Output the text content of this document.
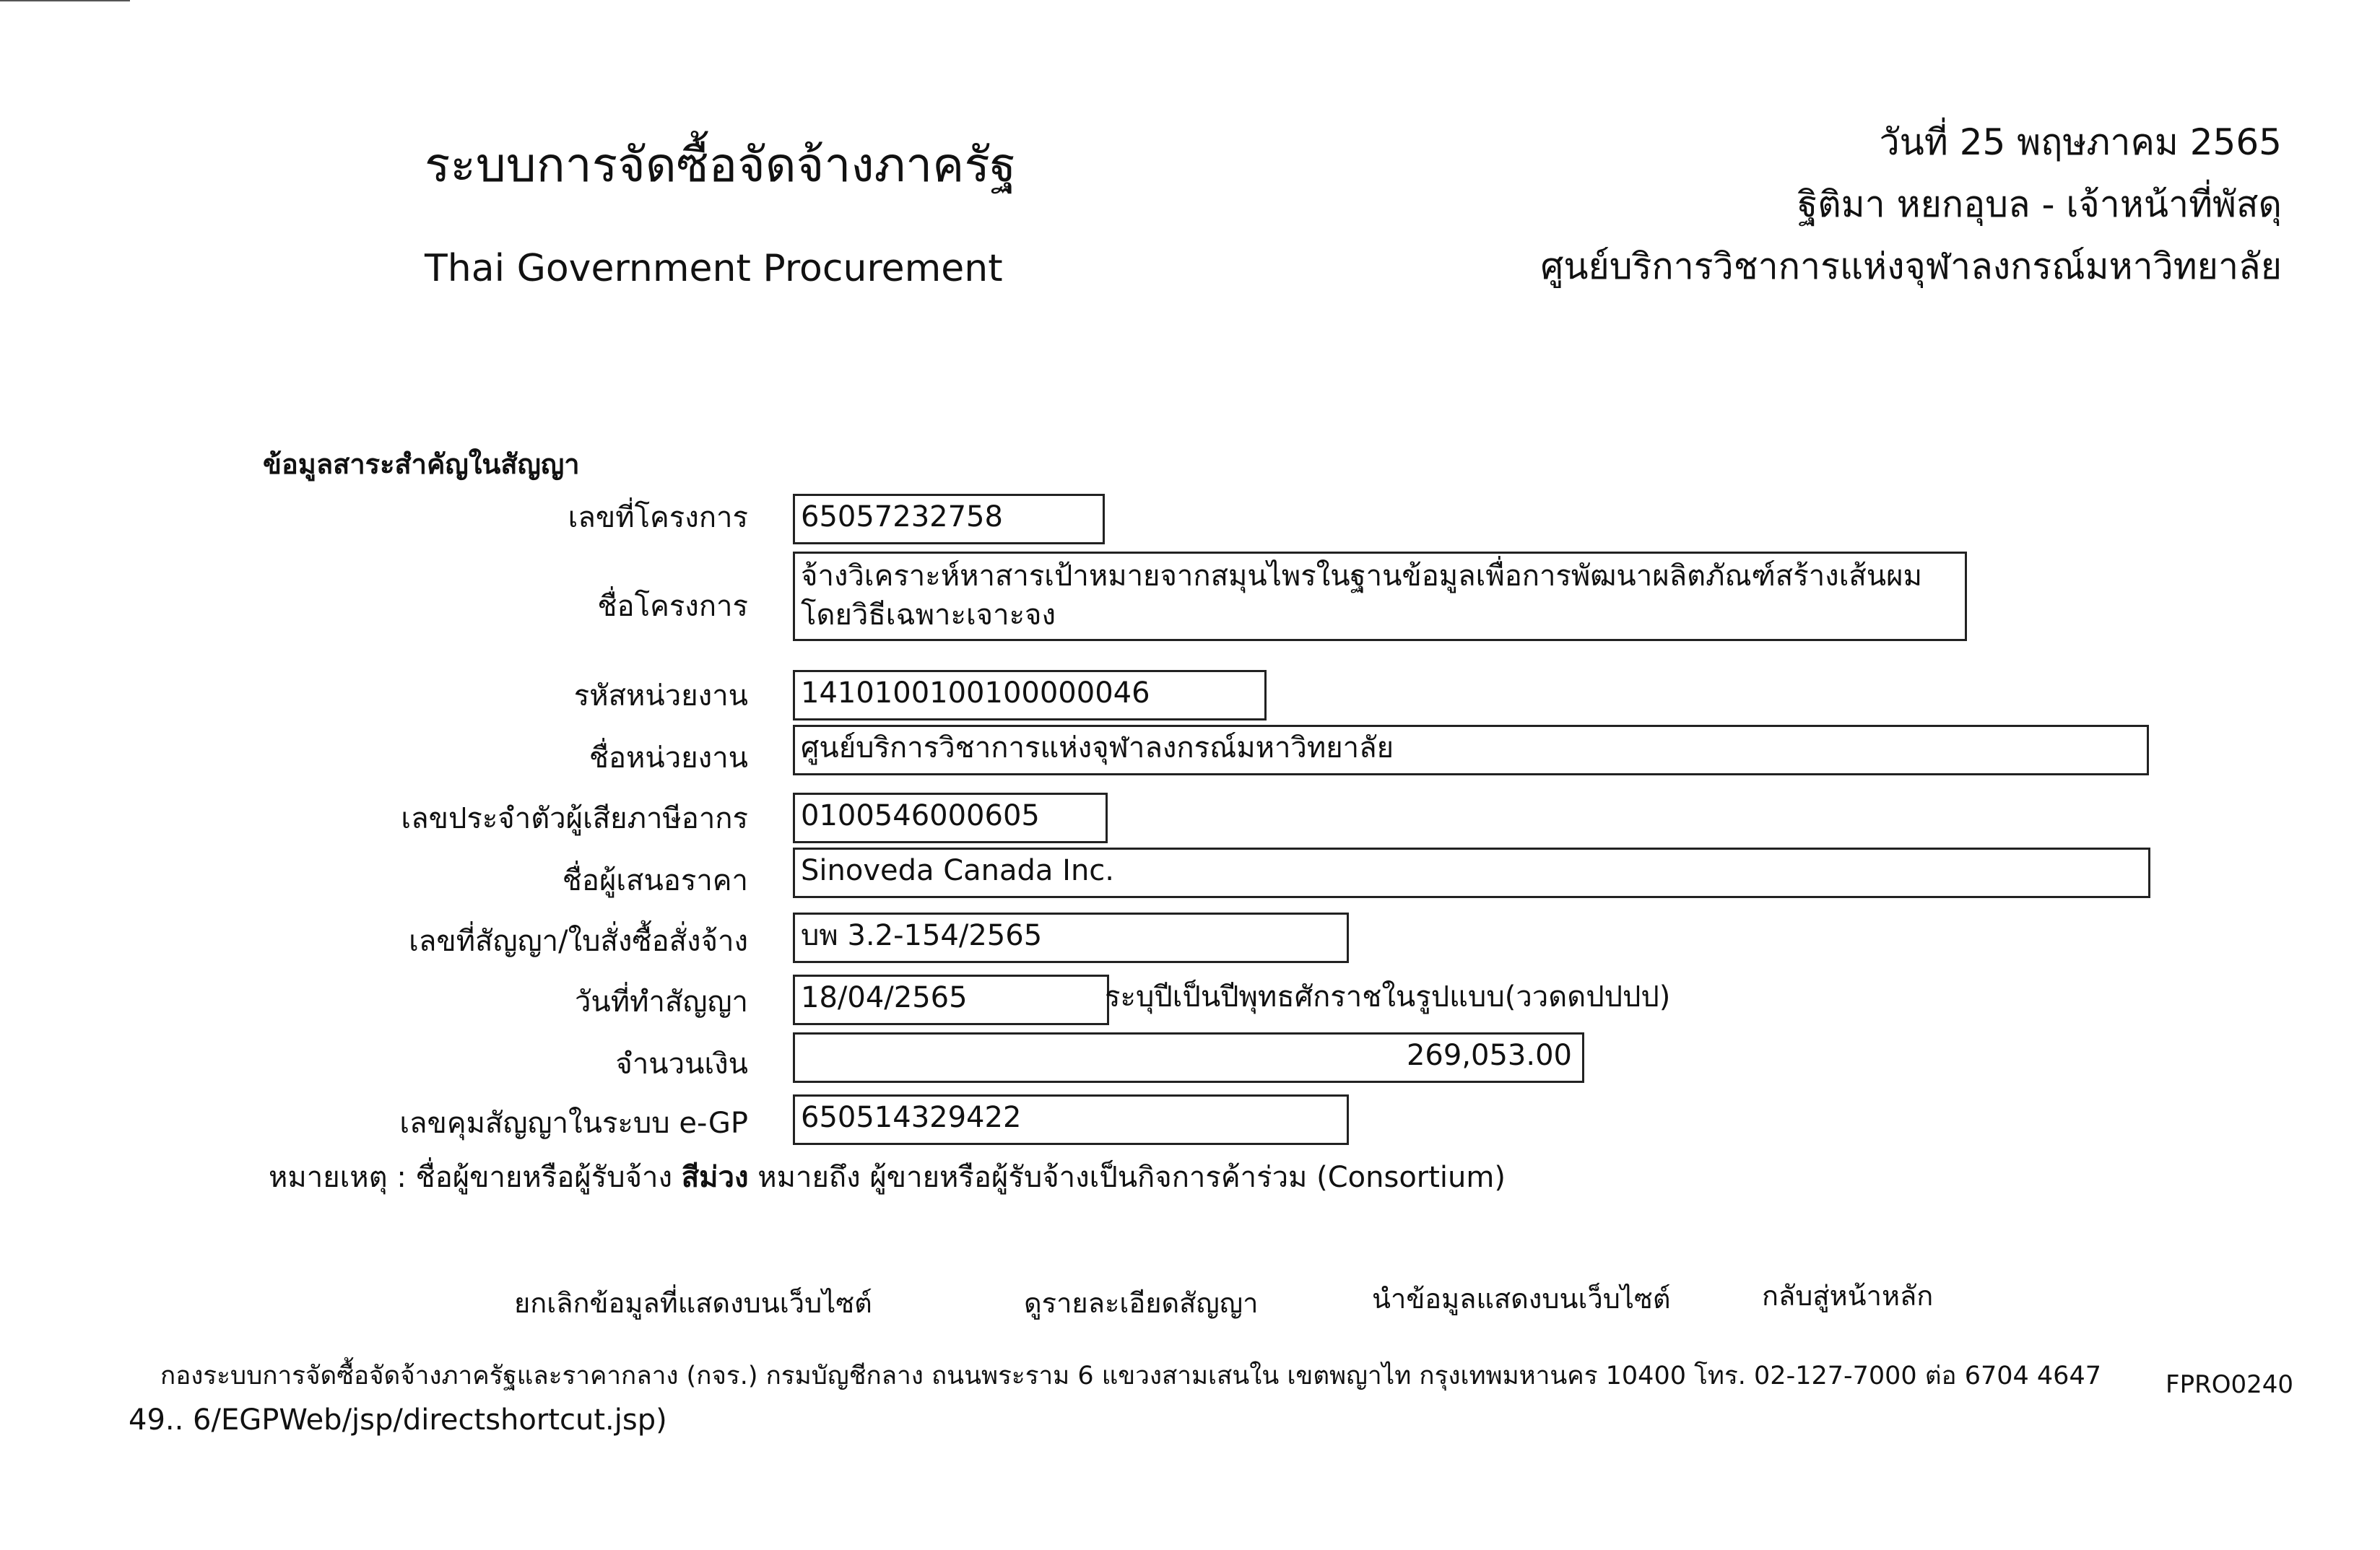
ระบบการจัดซื้อจัดจ้างภาครัฐ
Thai Government Procurement
วันที่ 25 พฤษภาคม 2565
ฐิติมา หยกอุบล - เจ้าหน้าที่พัสดุ
ศูนย์บริการวิชาการแห่งจุฬาลงกรณ์มหาวิทยาลัย
ข้อมูลสาระสำคัญในสัญญา
เลขที่โครงการ 65057232758
ชื่อโครงการ
จ้างวิเคราะห์หาสารเป้าหมายจากสมุนไพรในฐานข้อมูลเพื่อการพัฒนาผลิตภัณฑ์สร้างเส้นผม โดยวิธีเฉพาะเจาะจง
รหัสหน่วยงาน 1410100100100000046
ชื่อหน่วยงาน ศูนย์บริการวิชาการแห่งจุฬาลงกรณ์มหาวิทยาลัย
เลขประจำตัวผู้เสียภาษีอากร 0100546000605
ชื่อผู้เสนอราคา Sinoveda Canada Inc.
เลขที่สัญญา/ใบสั่งซื้อสั่งจ้าง บพ 3.2-154/2565
วันที่ทำสัญญา 18/04/2565	ระบุปีเป็นปีพุทธศักราชในรูปแบบ(ววดดปปปป)
จำนวนเงิน	269,053.00
เลขคุมสัญญาในระบบ e-GP 650514329422
หมายเหตุ : ชื่อผู้ขายหรือผู้รับจ้าง สีม่วง หมายถึง ผู้ขายหรือผู้รับจ้างเป็นกิจการค้าร่วม (Consortium)
ยกเลิกข้อมูลที่แสดงบนเว็บไซต์	ดูรายละเอียดสัญญา	นำข้อมูลแสดงบนเว็บไซต์	กลับสู่หน้าหลัก
กองระบบการจัดซื้อจัดจ้างภาครัฐและราคากลาง (กจร.) กรมบัญชีกลาง ถนนพระราม 6 แขวงสามเสนใน เขตพญาไท กรุงเทพมหานคร 10400 โทร. 02-127-7000 ต่อ 6704 4647	FPRO0240
49.. 6/EGPWeb/jsp/directshortcut.jsp)
